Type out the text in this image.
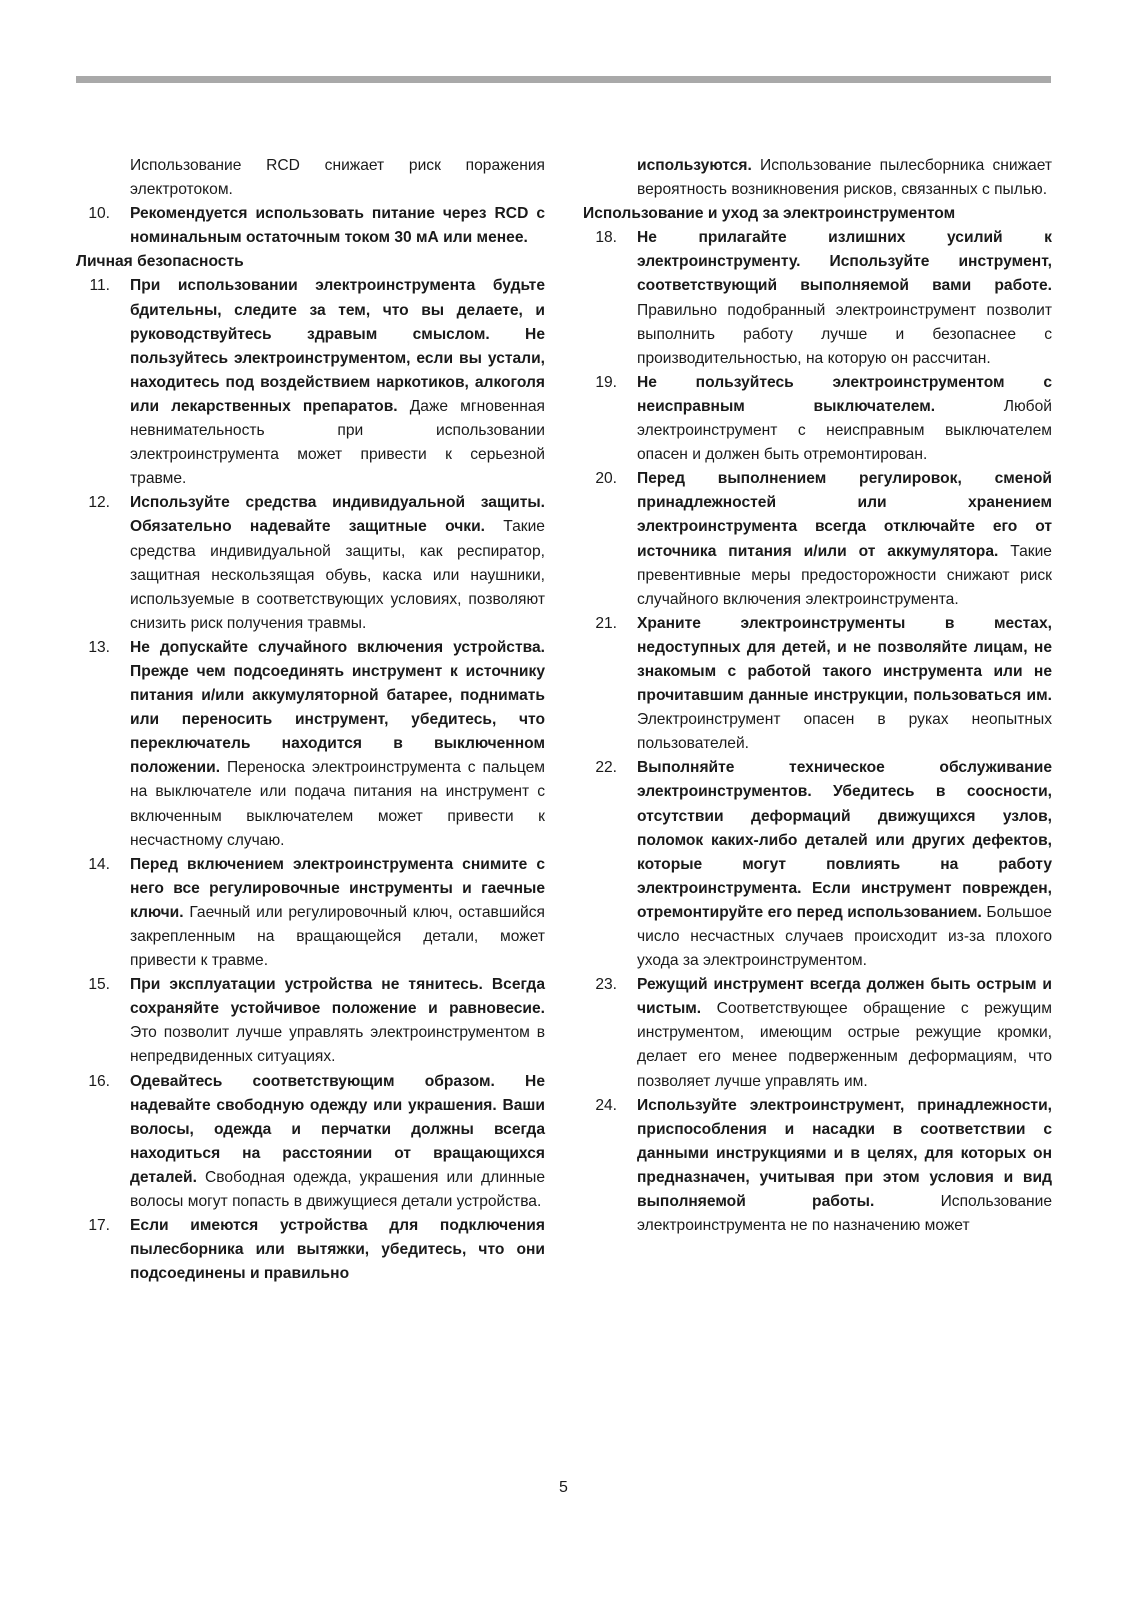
Использование RCD снижает риск поражения электротоком.

10.	Рекомендуется использовать питание через RCD с номинальным остаточным током 30 мА или менее.

Личная безопасность

11.	При использовании электроинструмента будьте бдительны, следите за тем, что вы делаете, и руководствуйтесь здравым смыслом. Не пользуйтесь электроинструментом, если вы устали, находитесь под воздействием наркотиков, алкоголя или лекарственных препаратов. Даже мгновенная невнимательность при использовании электроинструмента может привести к серьезной травме.
12.	Используйте средства индивидуальной защиты. Обязательно надевайте защитные очки. Такие средства индивидуальной защиты, как респиратор, защитная нескользящая обувь, каска или наушники, используемые в соответствующих условиях, позволяют снизить риск получения травмы.
13.	Не допускайте случайного включения устройства. Прежде чем подсоединять инструмент к источнику питания и/или аккумуляторной батарее, поднимать или переносить инструмент, убедитесь, что переключатель находится в выключенном положении. Переноска электроинструмента с пальцем на выключателе или подача питания на инструмент с включенным выключателем может привести к несчастному случаю.
14.	Перед включением электроинструмента снимите с него все регулировочные инструменты и гаечные ключи. Гаечный или регулировочный ключ, оставшийся закрепленным на вращающейся детали, может привести к травме.
15.	При эксплуатации устройства не тянитесь. Всегда сохраняйте устойчивое положение и равновесие. Это позволит лучше управлять электроинструментом в непредвиденных ситуациях.
16.	Одевайтесь соответствующим образом. Не надевайте свободную одежду или украшения. Ваши волосы, одежда и перчатки должны всегда находиться на расстоянии от вращающихся деталей. Свободная одежда, украшения или длинные волосы могут попасть в движущиеся детали устройства.
17.	Если имеются устройства для подключения пылесборника или вытяжки, убедитесь, что они подсоединены и правильно

используются. Использование пылесборника снижает вероятность возникновения рисков, связанных с пылью.

Использование и уход за электроинструментом

18.	Не прилагайте излишних усилий к электроинструменту. Используйте инструмент, соответствующий выполняемой вами работе. Правильно подобранный электроинструмент позволит выполнить работу лучше и безопаснее с производительностью, на которую он рассчитан.
19.	Не пользуйтесь электроинструментом с неисправным выключателем. Любой электроинструмент с неисправным выключателем опасен и должен быть отремонтирован.
20.	Перед выполнением регулировок, сменой принадлежностей или хранением электроинструмента всегда отключайте его от источника питания и/или от аккумулятора. Такие превентивные меры предосторожности снижают риск случайного включения электроинструмента.
21.	Храните электроинструменты в местах, недоступных для детей, и не позволяйте лицам, не знакомым с работой такого инструмента или не прочитавшим данные инструкции, пользоваться им. Электроинструмент опасен в руках неопытных пользователей.
22.	Выполняйте техническое обслуживание электроинструментов. Убедитесь в соосности, отсутствии деформаций движущихся узлов, поломок каких-либо деталей или других дефектов, которые могут повлиять на работу электроинструмента. Если инструмент поврежден, отремонтируйте его перед использованием. Большое число несчастных случаев происходит из-за плохого ухода за электроинструментом.
23.	Режущий инструмент всегда должен быть острым и чистым. Соответствующее обращение с режущим инструментом, имеющим острые режущие кромки, делает его менее подверженным деформациям, что позволяет лучше управлять им.
24.	Используйте электроинструмент, принадлежности, приспособления и насадки в соответствии с данными инструкциями и в целях, для которых он предназначен, учитывая при этом условия и вид выполняемой работы. Использование электроинструмента не по назначению может
5
